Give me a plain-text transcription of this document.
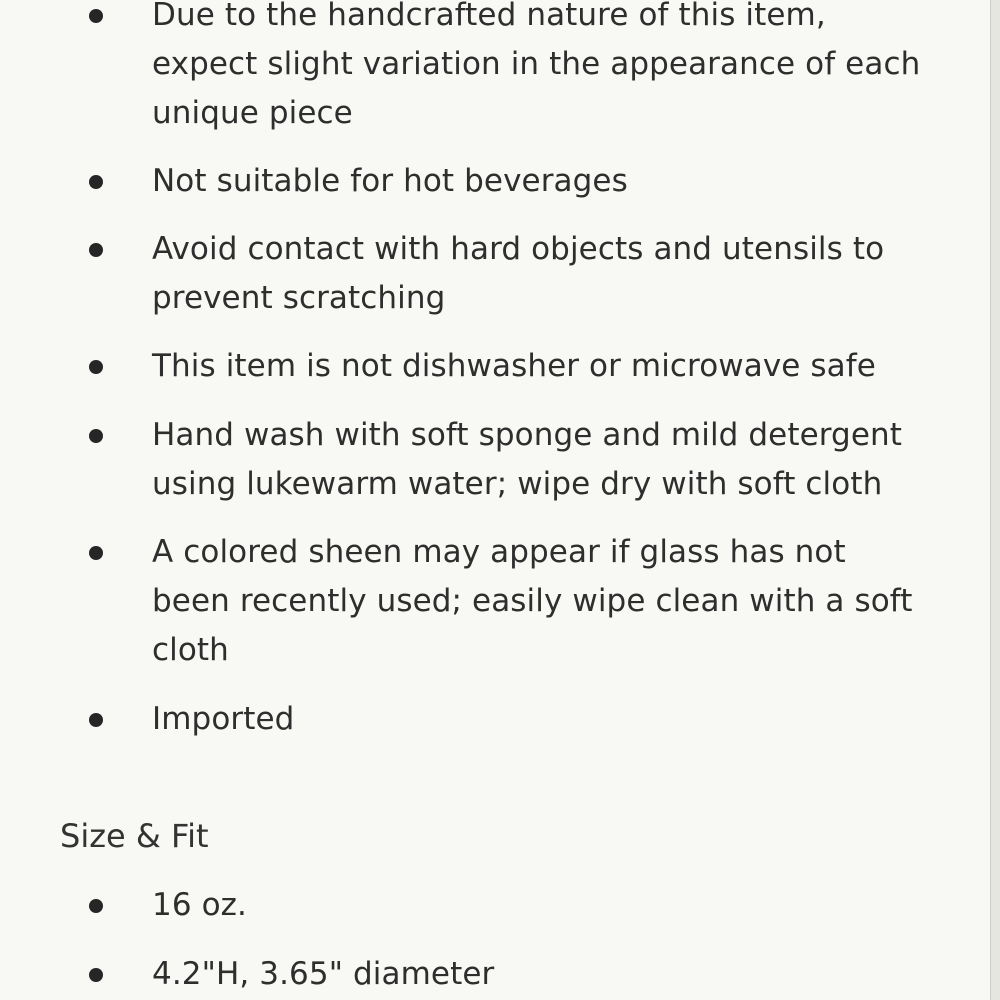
Due to the handcrafted nature of this item,
expect slight variation in the appearance of each
unique piece
Not suitable for hot beverages
Avoid contact with hard objects and utensils to
prevent scratching
This item is not dishwasher or microwave safe
Hand wash with soft sponge and mild detergent
using lukewarm water; wipe dry with soft cloth
A colored sheen may appear if glass has not
been recently used; easily wipe clean with a soft
cloth
Imported
Size & Fit
16 oz.
4.2"H, 3.65" diameter
